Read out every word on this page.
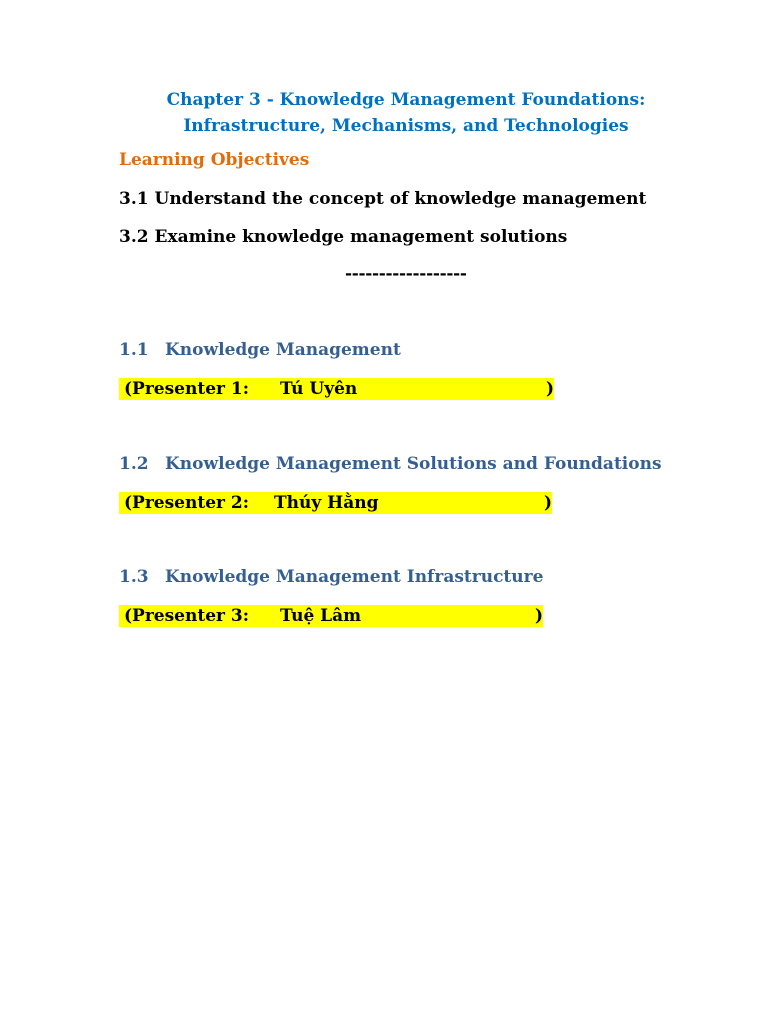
Chapter 3 - Knowledge Management Foundations:
Infrastructure, Mechanisms, and Technologies
Learning Objectives
3.1 Understand the concept of knowledge management
3.2 Examine knowledge management solutions
------------------
1.1 Knowledge Management
(Presenter 1: Tú Uyên	)
1.2 Knowledge Management Solutions and Foundations
(Presenter 2: Thúy Hằng	)
1.3 Knowledge Management Infrastructure
(Presenter 3: Tuệ Lâm	)
